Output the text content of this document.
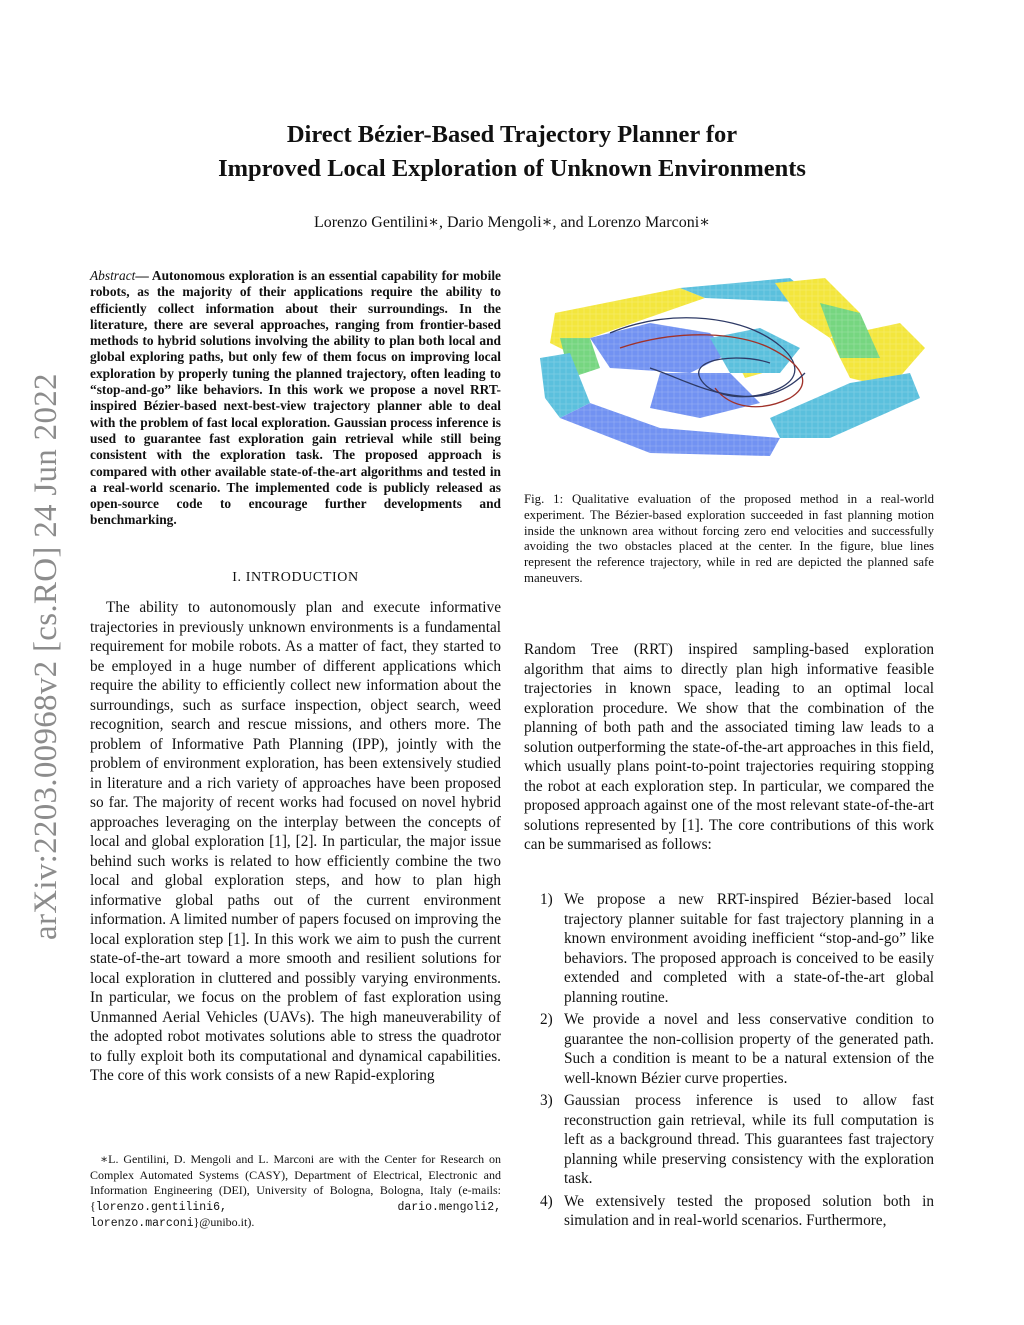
arXiv:2203.00968v2 [cs.RO] 24 Jun 2022
Direct Bézier-Based Trajectory Planner for
Improved Local Exploration of Unknown Environments
Lorenzo Gentilini∗, Dario Mengoli∗, and Lorenzo Marconi∗
Abstract— Autonomous exploration is an essential capability for mobile robots, as the majority of their applications require the ability to efficiently collect information about their surroundings. In the literature, there are several approaches, ranging from frontier-based methods to hybrid solutions involving the ability to plan both local and global exploring paths, but only few of them focus on improving local exploration by properly tuning the planned trajectory, often leading to “stop-and-go” like behaviors. In this work we propose a novel RRT-inspired Bézier-based next-best-view trajectory planner able to deal with the problem of fast local exploration. Gaussian process inference is used to guarantee fast exploration gain retrieval while still being consistent with the exploration task. The proposed approach is compared with other available state-of-the-art algorithms and tested in a real-world scenario. The implemented code is publicly released as open-source code to encourage further developments and benchmarking.
I. INTRODUCTION
The ability to autonomously plan and execute informative trajectories in previously unknown environments is a fundamental requirement for mobile robots. As a matter of fact, they started to be employed in a huge number of different applications which require the ability to efficiently collect new information about the surroundings, such as surface inspection, object search, weed recognition, search and rescue missions, and others more. The problem of Informative Path Planning (IPP), jointly with the problem of environment exploration, has been extensively studied in literature and a rich variety of approaches have been proposed so far. The majority of recent works had focused on novel hybrid approaches leveraging on the interplay between the concepts of local and global exploration [1], [2]. In particular, the major issue behind such works is related to how efficiently combine the two local and global exploration steps, and how to plan high informative global paths out of the current environment information. A limited number of papers focused on improving the local exploration step [1]. In this work we aim to push the current state-of-the-art toward a more smooth and resilient solutions for local exploration in cluttered and possibly varying environments. In particular, we focus on the problem of fast exploration using Unmanned Aerial Vehicles (UAVs). The high maneuverability of the adopted robot motivates solutions able to stress the quadrotor to fully exploit both its computational and dynamical capabilities. The core of this work consists of a new Rapid-exploring
∗L. Gentilini, D. Mengoli and L. Marconi are with the Center for Research on Complex Automated Systems (CASY), Department of Electrical, Electronic and Information Engineering (DEI), University of Bologna, Bologna, Italy (e-mails: {lorenzo.gentilini6, dario.mengoli2, lorenzo.marconi}@unibo.it).
Fig. 1: Qualitative evaluation of the proposed method in a real-world experiment. The Bézier-based exploration succeeded in fast planning motion inside the unknown area without forcing zero end velocities and successfully avoiding the two obstacles placed at the center. In the figure, blue lines represent the reference trajectory, while in red are depicted the planned safe maneuvers.
Random Tree (RRT) inspired sampling-based exploration algorithm that aims to directly plan high informative feasible trajectories in known space, leading to an optimal local exploration procedure. We show that the combination of the planning of both path and the associated timing law leads to a solution outperforming the state-of-the-art approaches in this field, which usually plans point-to-point trajectories requiring stopping the robot at each exploration step. In particular, we compared the proposed approach against one of the most relevant state-of-the-art solutions represented by [1]. The core contributions of this work can be summarised as follows:
1) We propose a new RRT-inspired Bézier-based local trajectory planner suitable for fast trajectory planning in a known environment avoiding inefficient “stop-and-go” like behaviors. The proposed approach is conceived to be easily extended and completed with a state-of-the-art global planning routine.
2) We provide a novel and less conservative condition to guarantee the non-collision property of the generated path. Such a condition is meant to be a natural extension of the well-known Bézier curve properties.
3) Gaussian process inference is used to allow fast reconstruction gain retrieval, while its full computation is left as a background thread. This guarantees fast trajectory planning while preserving consistency with the exploration task.
4) We extensively tested the proposed solution both in simulation and in real-world scenarios. Furthermore,
